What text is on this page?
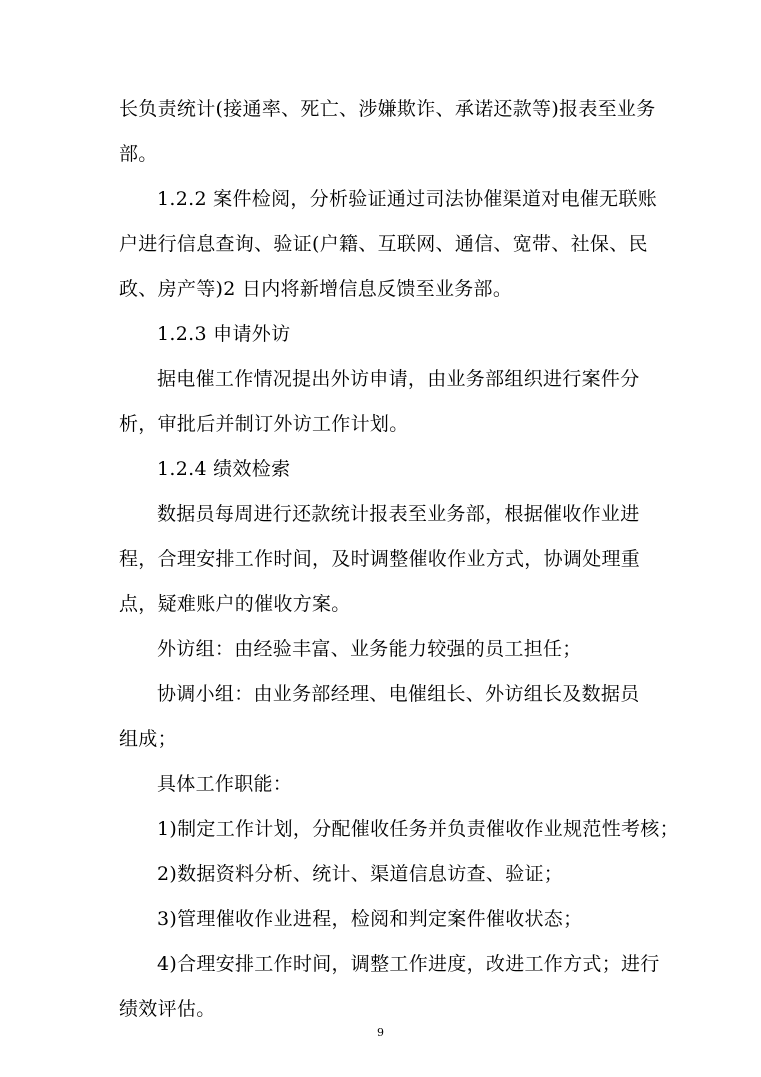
长负责统计(接通率、死亡、涉嫌欺诈、承诺还款等)报表至业务

部。

1.2.2 案件检阅，分析验证通过司法协催渠道对电催无联账

户进行信息查询、验证(户籍、互联网、通信、宽带、社保、民

政、房产等)2 日内将新增信息反馈至业务部。

1.2.3 申请外访

据电催工作情况提出外访申请，由业务部组织进行案件分

析，审批后并制订外访工作计划。

1.2.4 绩效检索

数据员每周进行还款统计报表至业务部，根据催收作业进

程，合理安排工作时间，及时调整催收作业方式，协调处理重

点，疑难账户的催收方案。

外访组：由经验丰富、业务能力较强的员工担任；

协调小组：由业务部经理、电催组长、外访组长及数据员

组成；

具体工作职能：

1)制定工作计划，分配催收任务并负责催收作业规范性考核；

2)数据资料分析、统计、渠道信息访查、验证；

3)管理催收作业进程，检阅和判定案件催收状态；

4)合理安排工作时间，调整工作进度，改进工作方式；进行

绩效评估。

9
